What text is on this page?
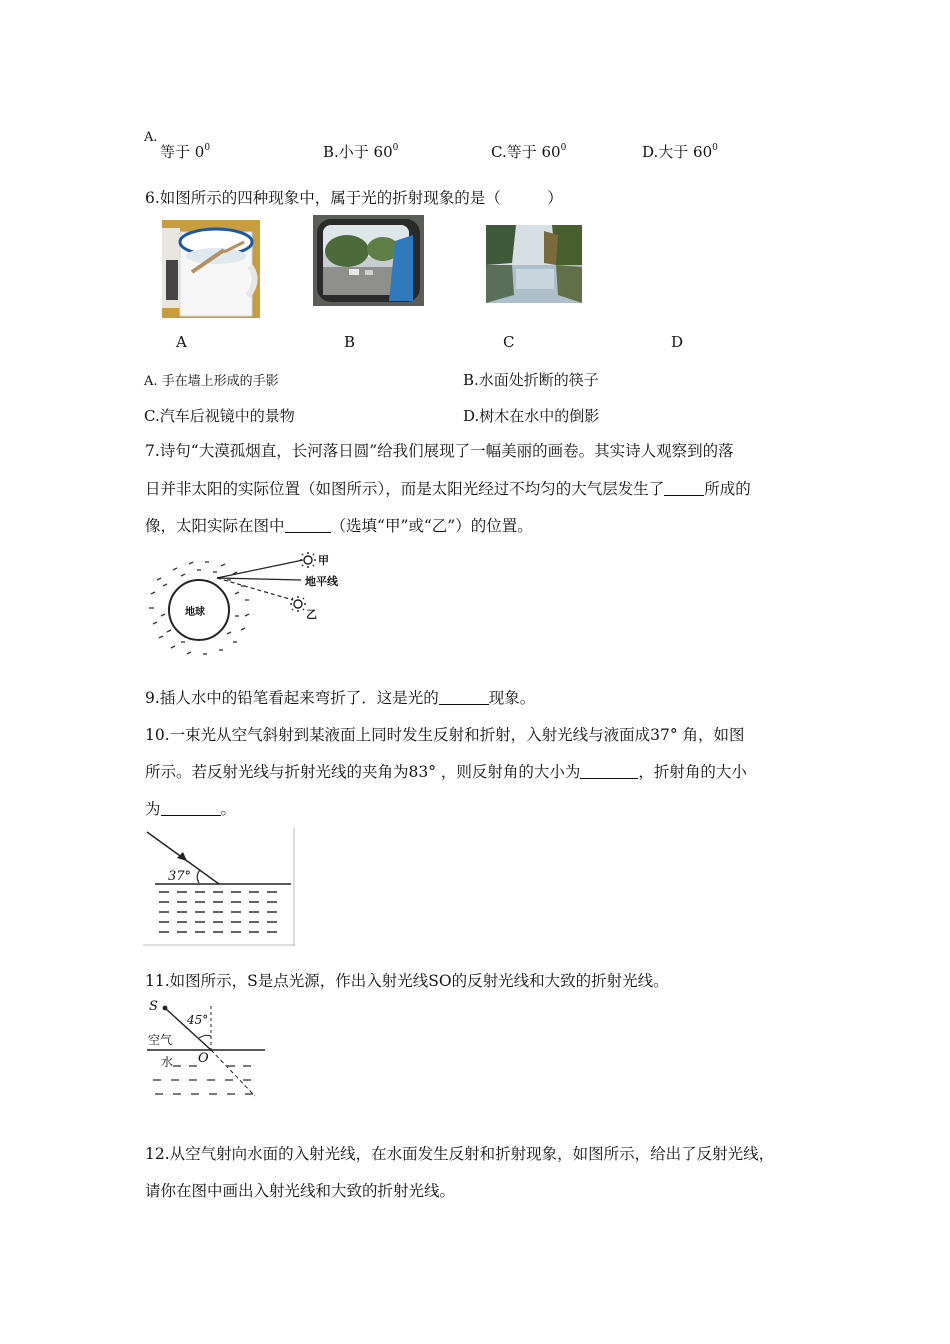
A.
等于 $0^0$	B.小于 $60^0$	C.等于 $60^0$	D.大于 $60^0$
6.如图所示的四种现象中，属于光的折射现象的是（　　　）
A	B	C	D
A. 手在墙上形成的手影	B.水面处折断的筷子
C.汽车后视镜中的景物	D.树木在水中的倒影
7.诗句“大漠孤烟直，长河落日圆”给我们展现了一幅美丽的画卷。其实诗人观察到的落
日并非太阳的实际位置（如图所示），而是太阳光经过不均匀的大气层发生了	所成的
像，太阳实际在图中	（选填“甲”或“乙”）的位置。
地球
甲
地平线
乙
9.插人水中的铅笔看起来弯折了．这是光的	现象。
10.一束光从空气斜射到某液面上同时发生反射和折射，入射光线与液面成37° 角，如图
所示。若反射光线与折射光线的夹角为83° ，则反射角的大小为	，折射角的大小
为	。
37°
11.如图所示，S是点光源，作出入射光线SO的反射光线和大致的折射光线。
S
45°
空气
水 O
12.从空气射向水面的入射光线，在水面发生反射和折射现象，如图所示，给出了反射光线，
请你在图中画出入射光线和大致的折射光线。
